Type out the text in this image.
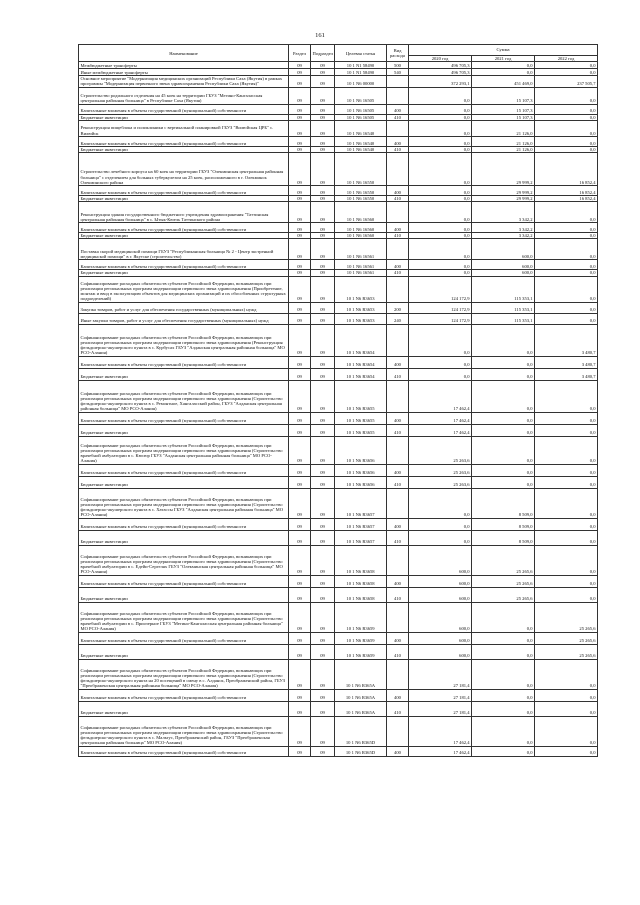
161
Наименование	Раздел	Подраздел	Целевая статья	Вид расхода	Сумма		
					2020 год	2021 год	2022 год
Межбюджетные трансферты	09	09	10 1 N1 58490	500	496 705,3	0,0	0,0
Иные межбюджетные трансферты	09	09	10 1 N1 58490	540	496 705,3	0,0	0,0
Основное мероприятие "Модернизация медицинских организаций Республики Саха (Якутия) в рамках программы "Модернизация первичного звена здравоохранения Республики Саха (Якутия)"	09	09	10 1 N6 00000		372 293,1	451 469,0	237 505,7
Строительство родильного отделения на 45 коек на территории ГБУЗ "Мегино-Кангаласская центральная районная больница" в Республике Саха (Якутия)	09	09	10 1 N6 16505		0,0	15 107,3	0,0
Капитальные вложения в объекты государственной (муниципальной) собственности	09	09	10 1 N6 16505	400	0,0	15 107,3	0,0
Бюджетные инвестиции	09	09	10 1 N6 16505	410	0,0	15 107,3	0,0
Реконструкция пищеблока и поликлиники с вертикальной планировкой ГБУЗ "Вилюйская ЦРБ" с. Вилюйск	09	09	10 1 N6 16540		0,0	21 126,0	0,0
Капитальные вложения в объекты государственной (муниципальной) собственности	09	09	10 1 N6 16540	400	0,0	21 126,0	0,0
Бюджетные инвестиции	09	09	10 1 N6 16540	410	0,0	21 126,0	0,0
Строительство лечебного корпуса на 60 коек на территории ГБУЗ "Олекминская центральная районная больница" с отделением для больных туберкулезом на 25 коек, расположенного в г. Олекминск Олекминского района	09	09	10 1 N6 16550		0,0	29 999,2	16 852,4
Капитальные вложения в объекты государственной (муниципальной) собственности	09	09	10 1 N6 16550	400	0,0	29 999,2	16 852,4
Бюджетные инвестиции	09	09	10 1 N6 16550	410	0,0	29 999,2	16 852,4
Реконструкция здания государственного бюджетного учреждения здравоохранения "Таттинская центральная районная больница" в с. Ытык-Кюель Таттинского района	09	09	10 1 N6 16560		0,0	3 342,2	0,0
Капитальные вложения в объекты государственной (муниципальной) собственности	09	09	10 1 N6 16560	400	0,0	3 342,2	0,0
Бюджетные инвестиции	09	09	10 1 N6 16560	410	0,0	3 342,2	0,0
Поставка скорой медицинской помощи ГБУЗ "Республиканская больница № 2 - Центр экстренной медицинской помощи" в г. Якутске (строительство)	09	09	10 1 N6 16561		0,0	600,0	0,0
Капитальные вложения в объекты государственной (муниципальной) собственности	09	09	10 1 N6 16561	400	0,0	600,0	0,0
Бюджетные инвестиции	09	09	10 1 N6 16561	410	0,0	600,0	0,0
Софинансирование расходных обязательств субъектов Российской Федерации, возникающих при реализации региональных программ модернизации первичного звена здравоохранения (Приобретение, монтаж и ввод в эксплуатацию объектов для медицинских организаций и их обособленных структурных подразделений)	09	09	10 1 N6 R3653		124 172,9	115 353,1	0,0
Закупка товаров, работ и услуг для обеспечения государственных (муниципальных) нужд	09	09	10 1 N6 R3653	200	124 172,9	115 353,1	0,0
Иные закупки товаров, работ и услуг для обеспечения государственных (муниципальных) нужд	09	09	10 1 N6 R3653	240	124 172,9	115 353,1	0,0
Софинансирование расходных обязательств субъектов Российской Федерации, возникающих при реализации региональных программ модернизации первичного звена здравоохранения (Реконструкция фельдшерско-акушерского пункта в с. Курбусах ГБУЗ "Алданская центральная районная больница" МО РСО-Алания)	09	09	10 1 N6 R3654		0,0	0,0	3 480,7
Капитальные вложения в объекты государственной (муниципальной) собственности	09	09	10 1 N6 R3654	400	0,0	0,0	3 480,7
Бюджетные инвестиции	09	09	10 1 N6 R3654	410	0,0	0,0	3 480,7
Софинансирование расходных обязательств субъектов Российской Федерации, возникающих при реализации региональных программ модернизации первичного звена здравоохранения (Строительство фельдшерско-акушерского пункта в с. Ремонтное, Хангаласский район, ГБУЗ "Алданская центральная районная больница" МО РСО-Алания)	09	09	10 1 N6 R3655		17 462,4	0,0	0,0
Капитальные вложения в объекты государственной (муниципальной) собственности	09	09	10 1 N6 R3655	400	17 462,4	0,0	0,0
Бюджетные инвестиции	09	09	10 1 N6 R3655	410	17 462,4	0,0	0,0
Софинансирование расходных обязательств субъектов Российской Федерации, возникающих при реализации региональных программ модернизации первичного звена здравоохранения (Строительство врачебной амбулатории в с. Кюсюр ГБУЗ "Алданская центральная районная больница" МО РСО-Алания)	09	09	10 1 N6 R3656		25 263,6	0,0	0,0
Капитальные вложения в объекты государственной (муниципальной) собственности	09	09	10 1 N6 R3656	400	25 263,6	0,0	0,0
Бюджетные инвестиции	09	09	10 1 N6 R3656	410	25 263,6	0,0	0,0
Софинансирование расходных обязательств субъектов Российской Федерации, возникающих при реализации региональных программ модернизации первичного звена здравоохранения (Строительство фельдшерско-акушерского пункта в с. Хатассы ГБУЗ "Алданская центральная районная больница" МО РСО-Алания)	09	09	10 1 N6 R3657		0,0	8 509,0	0,0
Капитальные вложения в объекты государственной (муниципальной) собственности	09	09	10 1 N6 R3657	400	0,0	8 509,0	0,0
Бюджетные инвестиции	09	09	10 1 N6 R3657	410	0,0	8 509,0	0,0
Софинансирование расходных обязательств субъектов Российской Федерации, возникающих при реализации региональных программ модернизации первичного звена здравоохранения (Строительство врачебной амбулатории в с. Едейи-Сергелях ГБУЗ "Олекминская центральная районная больница" МО РСО-Алания)	09	09	10 1 N6 R3658		600,0	25 265,6	0,0
Капитальные вложения в объекты государственной (муниципальной) собственности	09	09	10 1 N6 R3658	400	600,0	25 265,6	0,0
Бюджетные инвестиции	09	09	10 1 N6 R3658	410	600,0	25 265,6	0,0
Софинансирование расходных обязательств субъектов Российской Федерации, возникающих при реализации региональных программ модернизации первичного звена здравоохранения (Строительство врачебной амбулатории в с. Приозерное ГБУЗ "Мегино-Кангаласская центральная районная больница" МО РСО-Алания)	09	09	10 1 N6 R3659		600,0	0,0	25 265,6
Капитальные вложения в объекты государственной (муниципальной) собственности	09	09	10 1 N6 R3659	400	600,0	0,0	25 265,6
Бюджетные инвестиции	09	09	10 1 N6 R3659	410	600,0	0,0	25 265,6
Софинансирование расходных обязательств субъектов Российской Федерации, возникающих при реализации региональных программ модернизации первичного звена здравоохранения (Строительство фельдшерско-акушерского пункта на 20 посещений в смену в с. Алданск, Преображенский район, ГБУЗ "Преображенская центральная районная больница" МО РСО-Алания)	09	09	10 1 N6 R365A		27 181,4	0,0	0,0
Капитальные вложения в объекты государственной (муниципальной) собственности	09	09	10 1 N6 R365A	400	27 181,4	0,0	0,0
Бюджетные инвестиции	09	09	10 1 N6 R365A	410	27 181,4	0,0	0,0
Софинансирование расходных обязательств субъектов Российской Федерации, возникающих при реализации региональных программ модернизации первичного звена здравоохранения (Строительство фельдшерско-акушерского пункта в с. Мальтус, Преображенский район, ГБУЗ "Преображенская центральная районная больница" МО РСО-Алания)	09	09	10 1 N6 R365D		17 462,4	0,0	0,0
Капитальные вложения в объекты государственной (муниципальной) собственности	09	09	10 1 N6 R365D	400	17 462,4	0,0	0,0
